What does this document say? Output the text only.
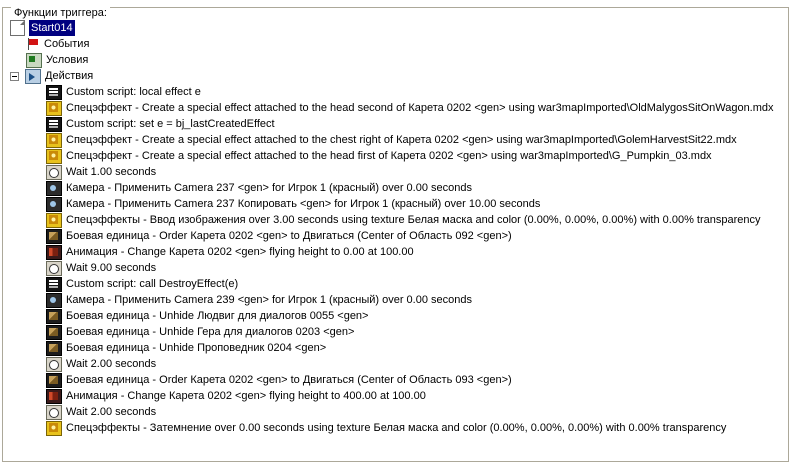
Функции триггера:
Start014
События
Условия
Действия
Custom script: local effect e
Спецэффект - Create a special effect attached to the head second of Карета 0202 <gen> using war3mapImported\OldMalygosSitOnWagon.mdx
Custom script: set e = bj_lastCreatedEffect
Спецэффект - Create a special effect attached to the chest right of Карета 0202 <gen> using war3mapImported\GolemHarvestSit22.mdx
Спецэффект - Create a special effect attached to the head first of Карета 0202 <gen> using war3mapImported\G_Pumpkin_03.mdx
Wait 1.00 seconds
Камера - Применить Camera 237 <gen> for Игрок 1 (красный) over 0.00 seconds
Камера - Применить Camera 237 Копировать <gen> for Игрок 1 (красный) over 10.00 seconds
Спецэффекты - Ввод изображения over 3.00 seconds using texture Белая маска and color (0.00%, 0.00%, 0.00%) with 0.00% transparency
Боевая единица - Order Карета 0202 <gen> to Двигаться (Center of Область 092 <gen>)
Анимация - Change Карета 0202 <gen> flying height to 0.00 at 100.00
Wait 9.00 seconds
Custom script: call DestroyEffect(e)
Камера - Применить Camera 239 <gen> for Игрок 1 (красный) over 0.00 seconds
Боевая единица - Unhide Людвиг для диалогов 0055 <gen>
Боевая единица - Unhide Гера для диалогов 0203 <gen>
Боевая единица - Unhide Проповедник 0204 <gen>
Wait 2.00 seconds
Боевая единица - Order Карета 0202 <gen> to Двигаться (Center of Область 093 <gen>)
Анимация - Change Карета 0202 <gen> flying height to 400.00 at 100.00
Wait 2.00 seconds
Спецэффекты - Затемнение over 0.00 seconds using texture Белая маска and color (0.00%, 0.00%, 0.00%) with 0.00% transparency
